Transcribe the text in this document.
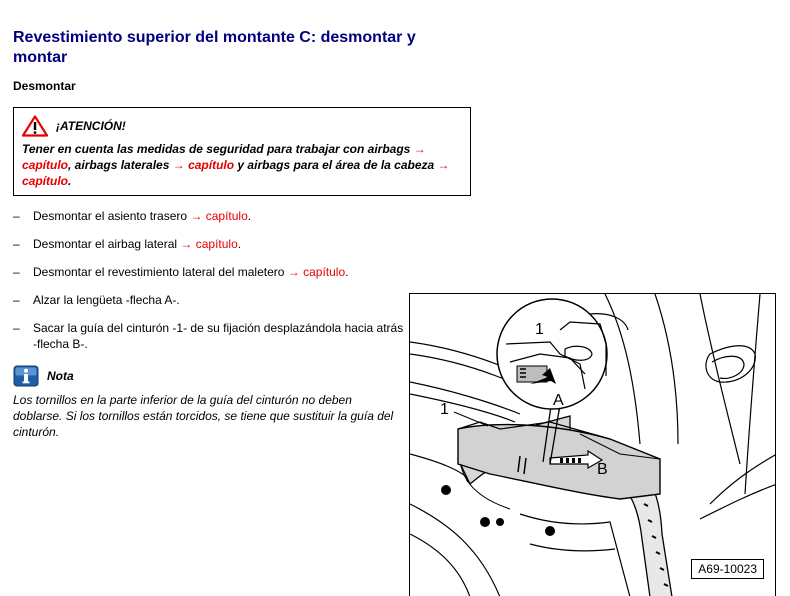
Revestimiento superior del montante C: desmontar y montar
Desmontar
¡ATENCIÓN!
Tener en cuenta las medidas de seguridad para trabajar con airbags → capítulo, airbags laterales → capítulo y airbags para el área de la cabeza → capítulo.
–	Desmontar el asiento trasero → capítulo.
–	Desmontar el airbag lateral → capítulo.
–	Desmontar el revestimiento lateral del maletero → capítulo.
–	Alzar la lengüeta -flecha A-.
–	Sacar la guía del cinturón -1- de su fijación desplazándola hacia atrás -flecha B-.
Nota

Los tornillos en la parte inferior de la guía del cinturón no deben doblarse. Si los tornillos están torcidos, se tiene que sustituir la guía del cinturón.

1
A
1
B
A69-10023
